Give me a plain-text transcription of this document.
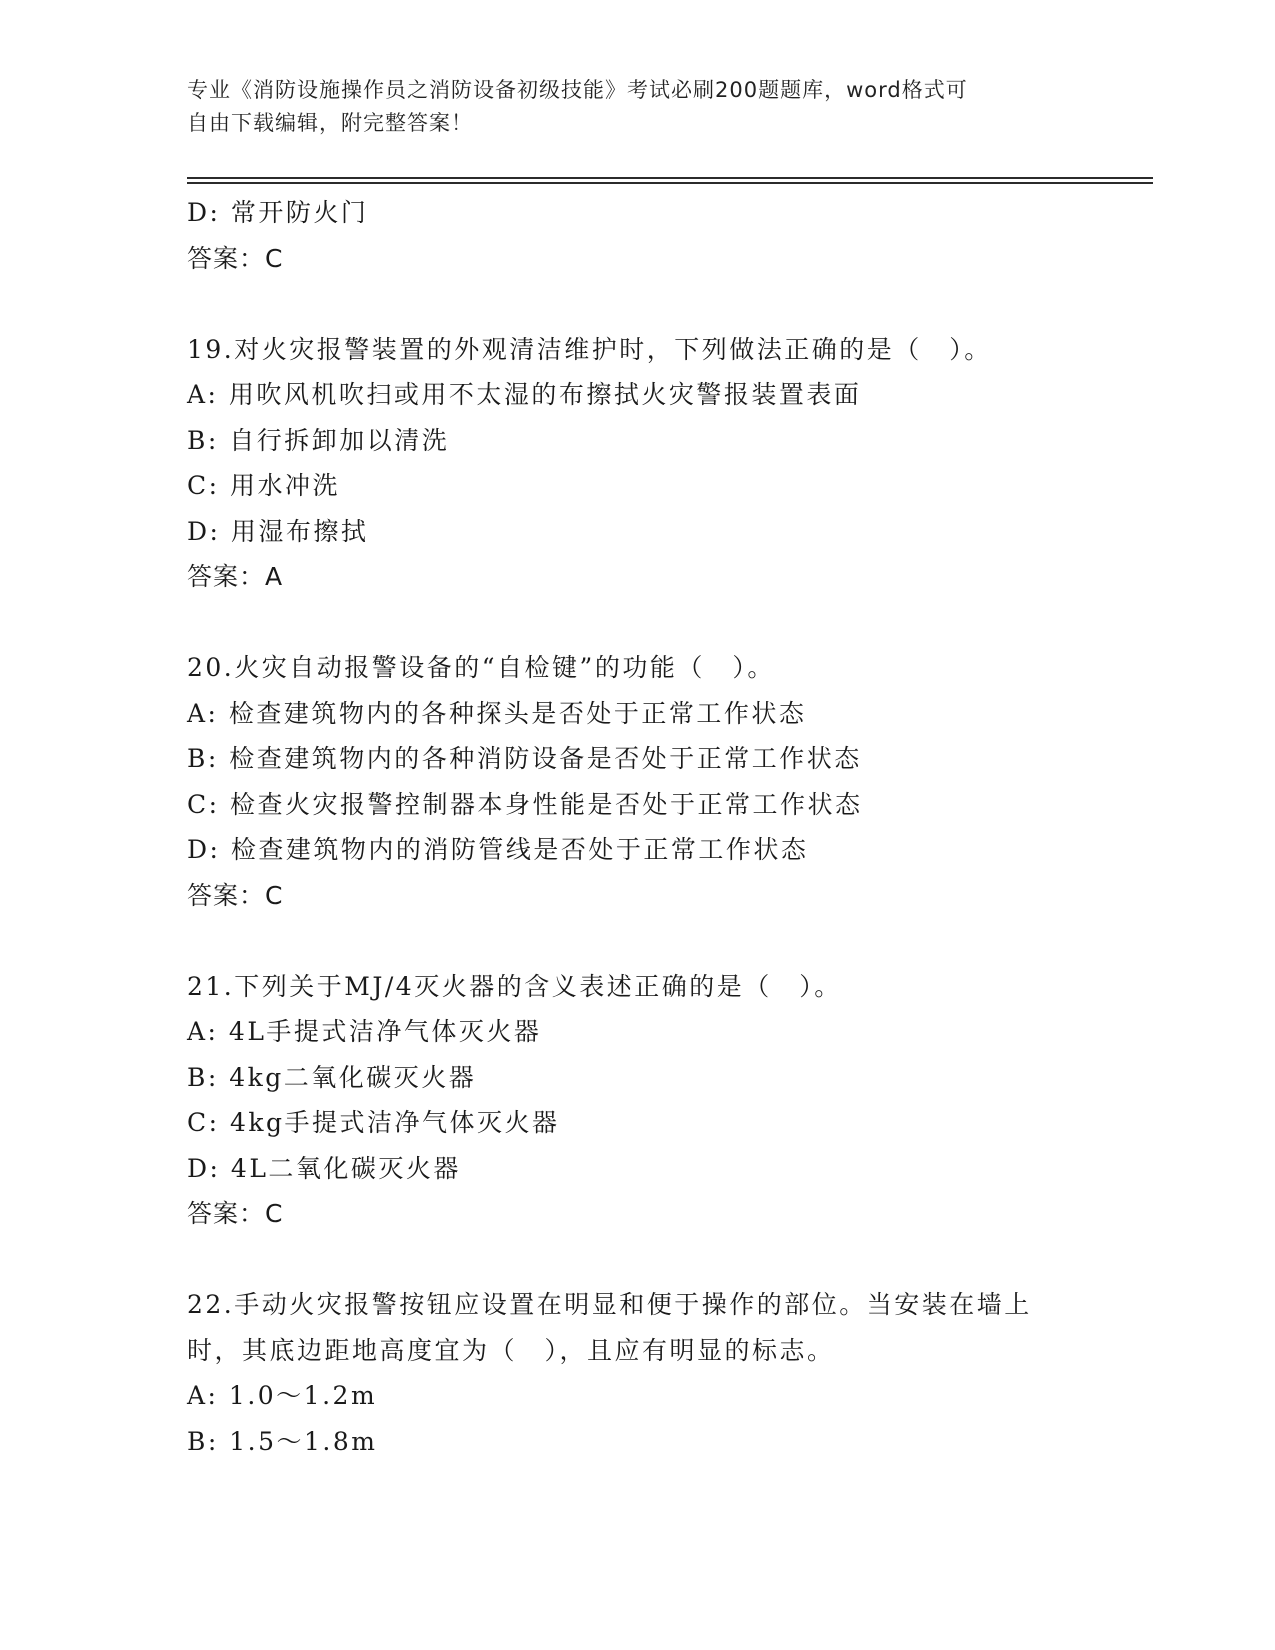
专业《消防设施操作员之消防设备初级技能》考试必刷200题题库，word格式可
自由下载编辑，附完整答案！
D: 常开防火门
答案：C
19.对火灾报警装置的外观清洁维护时，下列做法正确的是（　）。
A: 用吹风机吹扫或用不太湿的布擦拭火灾警报装置表面
B: 自行拆卸加以清洗
C: 用水冲洗
D: 用湿布擦拭
答案：A
20.火灾自动报警设备的“自检键”的功能（　）。
A: 检查建筑物内的各种探头是否处于正常工作状态
B: 检查建筑物内的各种消防设备是否处于正常工作状态
C: 检查火灾报警控制器本身性能是否处于正常工作状态
D: 检查建筑物内的消防管线是否处于正常工作状态
答案：C
21.下列关于MJ/4灭火器的含义表述正确的是（　）。
A: 4L手提式洁净气体灭火器
B: 4kg二氧化碳灭火器
C: 4kg手提式洁净气体灭火器
D: 4L二氧化碳灭火器
答案：C
22.手动火灾报警按钮应设置在明显和便于操作的部位。当安装在墙上
时，其底边距地高度宜为（　），且应有明显的标志。
A: 1.0～1.2m
B: 1.5～1.8m
